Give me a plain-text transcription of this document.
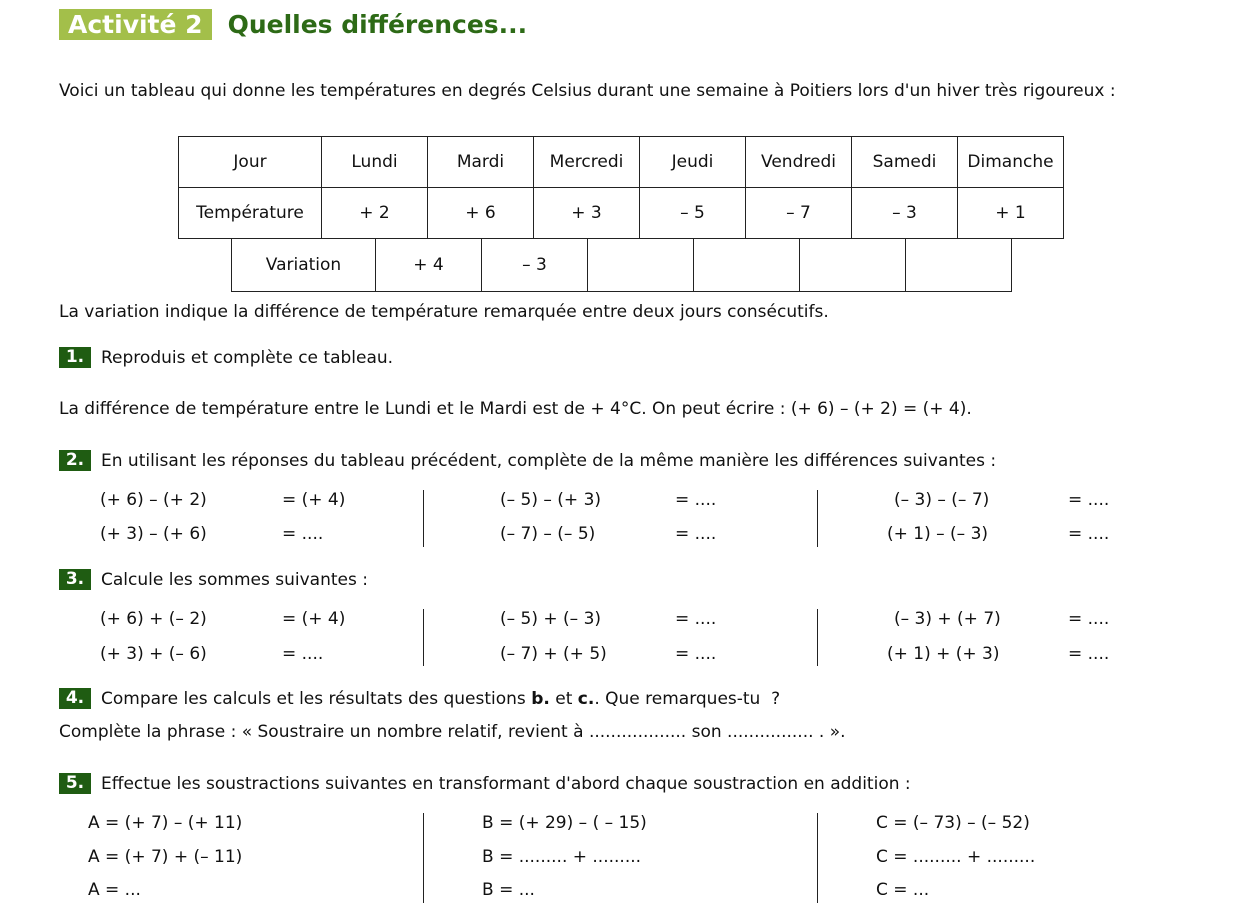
Activité 2	Quelles différences...
Voici un tableau qui donne les températures en degrés Celsius durant une semaine à Poitiers lors d'un hiver très rigoureux :
Jour	Lundi	Mardi	Mercredi	Jeudi	Vendredi	Samedi	Dimanche
Température	+ 2	+ 6	+ 3	– 5	– 7	– 3	+ 1
Variation	+ 4	– 3				
La variation indique la différence de température remarquée entre deux jours consécutifs.
1. Reproduis et complète ce tableau.
La différence de température entre le Lundi et le Mardi est de + 4°C. On peut écrire : (+ 6) – (+ 2) = (+ 4).
2. En utilisant les réponses du tableau précédent, complète de la même manière les différences suivantes :
(+ 6) – (+ 2)	= (+ 4)
(+ 3) – (+ 6)	= ....
(– 5) – (+ 3)	= ....
(– 7) – (– 5)	= ....
(– 3) – (– 7)	= ....
(+ 1) – (– 3)	= ....
3. Calcule les sommes suivantes :
(+ 6) + (– 2)	= (+ 4)
(+ 3) + (– 6)	= ....
(– 5) + (– 3)	= ....
(– 7) + (+ 5)	= ....
(– 3) + (+ 7)	= ....
(+ 1) + (+ 3)	= ....
4. Compare les calculs et les résultats des questions b. et c. . Que remarques-tu  ?
Complète la phrase : « Soustraire un nombre relatif, revient à .................. son ................ . ».
5. Effectue les soustractions suivantes en transformant d'abord chaque soustraction en addition :
A = (+ 7) – (+ 11)
A = (+ 7) + (– 11)
A = ...
B = (+ 29) – ( – 15)
B = ......... + .........
B = ...
C = (– 73) – (– 52)
C = ......... + .........
C = ...
